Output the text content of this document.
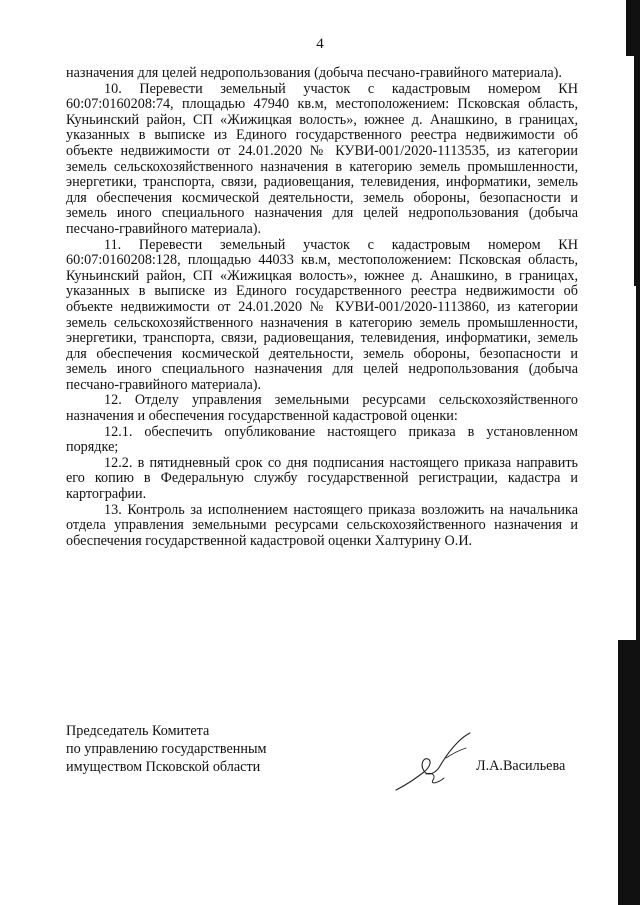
4

назначения для целей недропользования (добыча песчано-гравийного материала).

10. Перевести земельный участок с кадастровым номером КН 60:07:0160208:74, площадью 47940 кв.м, местоположением: Псковская область, Куньинский район, СП «Жижицкая волость», южнее д. Анашкино, в границах, указанных в выписке из Единого государственного реестра недвижимости об объекте недвижимости от 24.01.2020 № КУВИ-001/2020-1113535, из категории земель сельскохозяйственного назначения в категорию земель промышленности, энергетики, транспорта, связи, радиовещания, телевидения, информатики, земель для обеспечения космической деятельности, земель обороны, безопасности и земель иного специального назначения для целей недропользования (добыча песчано-гравийного материала).

11. Перевести земельный участок с кадастровым номером КН 60:07:0160208:128, площадью 44033 кв.м, местоположением: Псковская область, Куньинский район, СП «Жижицкая волость», южнее д. Анашкино, в границах, указанных в выписке из Единого государственного реестра недвижимости об объекте недвижимости от 24.01.2020 № КУВИ-001/2020-1113860, из категории земель сельскохозяйственного назначения в категорию земель промышленности, энергетики, транспорта, связи, радиовещания, телевидения, информатики, земель для обеспечения космической деятельности, земель обороны, безопасности и земель иного специального назначения для целей недропользования (добыча песчано-гравийного материала).

12. Отделу управления земельными ресурсами сельскохозяйственного назначения и обеспечения государственной кадастровой оценки:

12.1. обеспечить опубликование настоящего приказа в установленном порядке;

12.2. в пятидневный срок со дня подписания настоящего приказа направить его копию в Федеральную службу государственной регистрации, кадастра и картографии.

13. Контроль за исполнением настоящего приказа возложить на начальника отдела управления земельными ресурсами сельскохозяйственного назначения и обеспечения государственной кадастровой оценки Халтурину О.И.

Председатель Комитета
по управлению государственным
имуществом Псковской области	Л.А.Васильева
